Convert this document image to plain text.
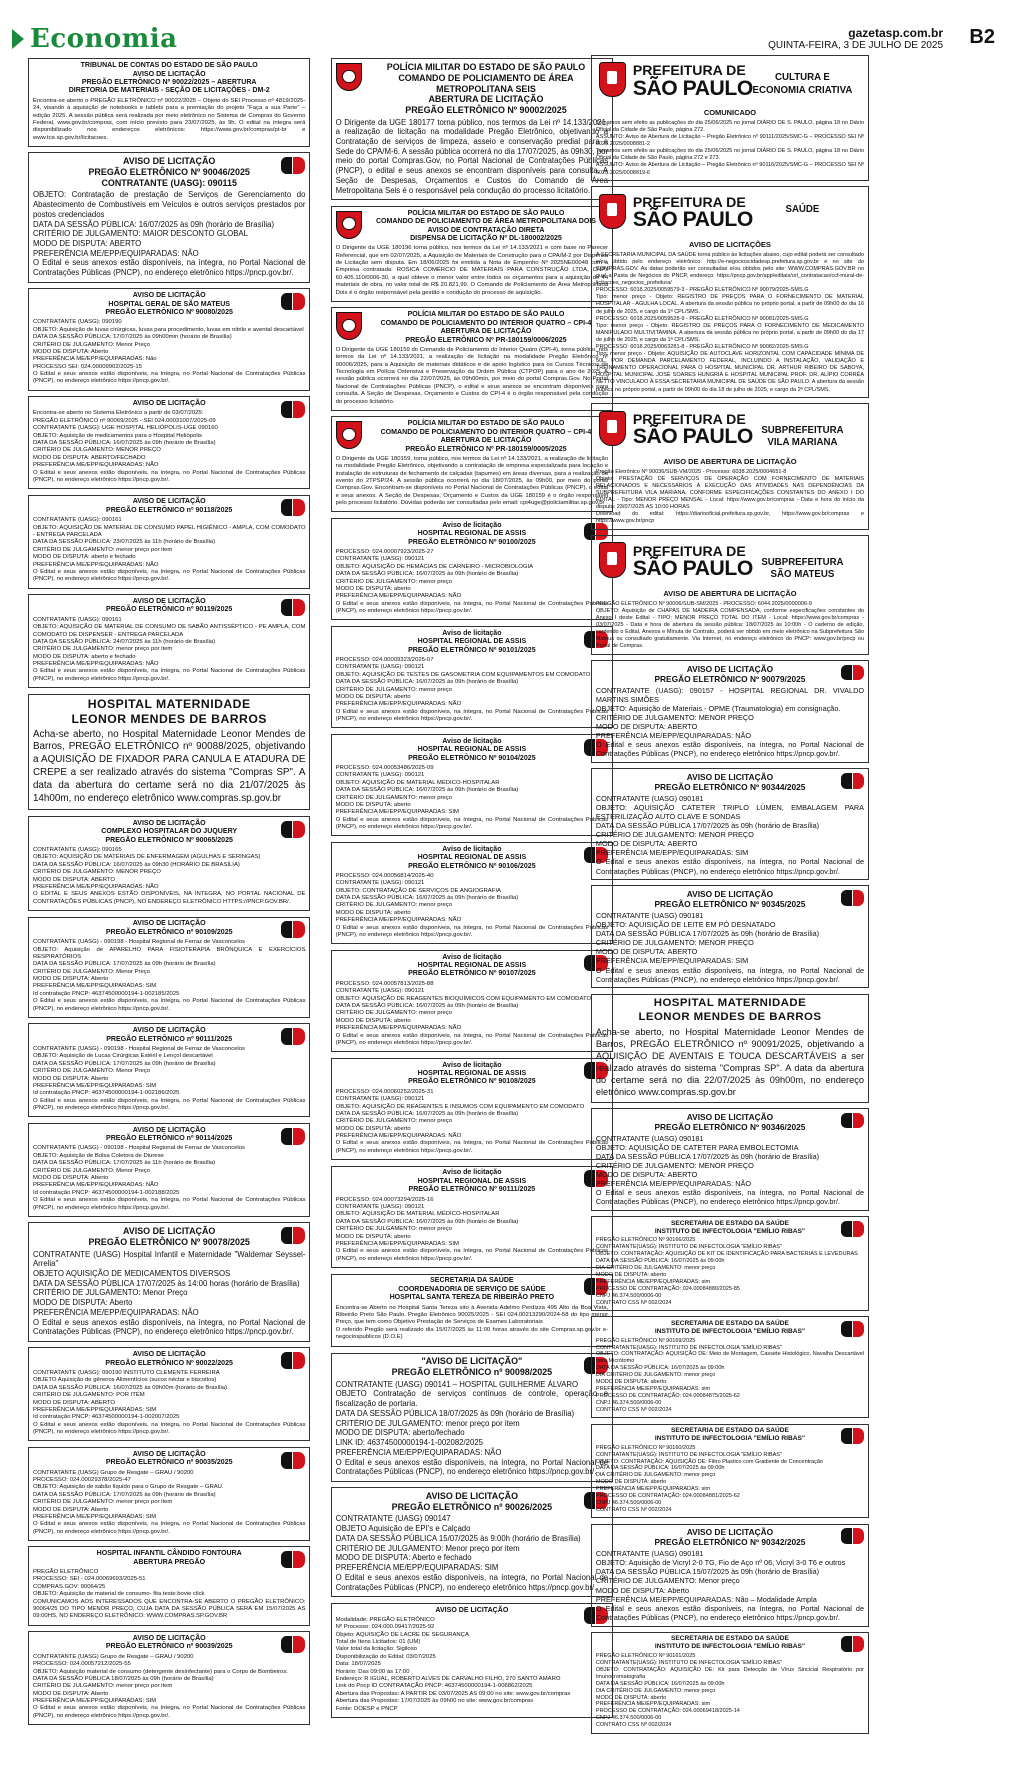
Economia	gazetasp.com.br
QUINTA-FEIRA, 3 DE JULHO DE 2025 B2
TRIBUNAL DE CONTAS DO ESTADO DE SÃO PAULO
AVISO DE LICITAÇÃO
PREGÃO ELETRÔNICO Nº 90022/2025 – ABERTURA
DIRETORIA DE MATERIAIS - SEÇÃO DE LICITAÇÕES - DM-2
Encontra-se aberto o PREGÃO ELETRÔNICO nº 90022/2025 – Objeto do SEI Processo nº 4819/2025-24, visando à aquisição de notebooks e tablets para a premiação do projeto "Faça a sua Parte" – edição 2025. A sessão pública será realizada por meio eletrônico no Sistema de Compras do Governo Federal, www.gov.br/compras, com início previsto para 23/07/2025, às 9h. O edital na íntegra será disponibilizado nos endereços eletrônicos: https://www.gov.br/compras/pt-br e www.tce.sp.gov.br/licitacoes.
AVISO DE LICITAÇÃO
PREGÃO ELETRÔNICO Nº 90046/2025
CONTRATANTE (UASG): 090115
OBJETO: Contratação de prestação de Serviços de Gerenciamento do Abastecimento de Combustíveis em Veículos e outros serviços prestados por postos credenciados
DATA DA SESSÃO PÚBLICA: 16/07/2025 às 09h (horário de Brasília)
CRITÉRIO DE JULGAMENTO: MAIOR DESCONTO GLOBAL
MODO DE DISPUTA: ABERTO
PREFERÊNCIA ME/EPP/EQUIPARADAS: NÃO
O Edital e seus anexos estão disponíveis, na íntegra, no Portal Nacional de Contratações Públicas (PNCP), no endereço eletrônico https://pncp.gov.br/.
AVISO DE LICITAÇÃO
HOSPITAL GERAL DE SÃO MATEUS
PREGÃO ELETRÔNICO Nº 90080/2025
CONTRATANTE (UASG): 090190
OBJETO: Aquisição de luvas cirúrgicas, luvas para procedimento, luvas em nitrilo e avental descartável
DATA DA SESSÃO PÚBLICA: 17/07/2025 às 09h00min (horário de Brasília)
CRITÉRIO DE JULGAMENTO: Menor Preço
MODO DE DISPUTA: Aberto
PREFERÊNCIA ME/EPP/EQUIPARADAS: Não
PROCESSO SEI: 024.00009902/2025-15
O Edital e seus anexos estão disponíveis, na íntegra, no Portal Nacional de Contratações Públicas (PNCP), no endereço eletrônico https://pncp.gov.br/.
AVISO DE LICITAÇÃO
Encontra-se aberto no Sistema Eletrônico a partir de 03/07/2025:
PREGÃO ELETRÔNICO nº 90069/2025 - SEI 024.00031007/2025-09
CONTRATANTE (UASG): UGE HOSPITAL HELIÓPOLIS-UGE 090160
OBJETO: Aquisição de medicamentos para o Hospital Heliópolis
DATA DA SESSÃO PÚBLICA: 16/07/2025 às 09h (horário de Brasília)
CRITÉRIO DE JULGAMENTO: MENOR PREÇO
MODO DE DISPUTA: ABERTO/FECHADO
PREFERÊNCIA ME/EPP/EQUIPARADAS: NÃO
O Edital e seus anexos estão disponíveis, na íntegra, no Portal Nacional de Contratações Públicas (PNCP), no endereço eletrônico https://pncp.gov.br/.
AVISO DE LICITAÇÃO
PREGÃO ELETRÔNICO nº 90118/2025
CONTRATANTE (UASG): 090161
OBJETO: AQUISIÇÃO DE MATERIAL DE CONSUMO PAPEL HIGIÊNICO - AMPLA, COM COMODATO - ENTREGA PARCELADA
DATA DA SESSÃO PÚBLICA: 23/07/2025 às 11h (horário de Brasília)
CRITÉRIO DE JULGAMENTO: menor preço por item
MODO DE DISPUTA: aberto e fechado
PREFERÊNCIA ME/EPP/EQUIPARADAS: NÃO
O Edital e seus anexos estão disponíveis, na íntegra, no Portal Nacional de Contratações Públicas (PNCP), no endereço eletrônico https://pncp.gov.br/.
AVISO DE LICITAÇÃO
PREGÃO ELETRÔNICO nº 90119/2025
CONTRATANTE (UASG): 090161
OBJETO: AQUISIÇÃO DE MATERIAL DE CONSUMO DE SABÃO ANTISSÉPTICO - PE AMPLA, COM COMODATO DE DISPENSER - ENTREGA PARCELADA
DATA DA SESSÃO PÚBLICA: 24/07/2025 às 11h (horário de Brasília)
CRITÉRIO DE JULGAMENTO: menor preço por item
MODO DE DISPUTA: aberto e fechado
PREFERÊNCIA ME/EPP/EQUIPARADAS: NÃO
O Edital e seus anexos estão disponíveis, na íntegra, no Portal Nacional de Contratações Públicas (PNCP), no endereço eletrônico https://pncp.gov.br/.
HOSPITAL MATERNIDADE
LEONOR MENDES DE BARROS
Acha-se aberto, no Hospital Maternidade Leonor Mendes de Barros, PREGÃO ELETRÔNICO nº 90088/2025, objetivando a AQUISIÇÃO DE FIXADOR PARA CANULA E ATADURA DE CREPE a ser realizado através do sistema "Compras SP". A data da abertura do certame será no dia 21/07/2025 às 14h00m, no endereço eletrônico www.compras.sp.gov.br
AVISO DE LICITAÇÃO
COMPLEXO HOSPITALAR DO JUQUERY
PREGÃO ELETRÔNICO Nº 90065/2025
CONTRATANTE (UASG): 090165
OBJETO: AQUISIÇÃO DE MATERIAIS DE ENFERMAGEM (AGULHAS E SERINGAS)
DATA DA SESSÃO PÚBLICA: 16/07/2025 às 09h30 (HORÁRIO DE BRASÍLIA)
CRITÉRIO DE JULGAMENTO: MENOR PREÇO
MODO DE DISPUTA: ABERTO
PREFERÊNCIA ME/EPP/EQUIPARADAS: NÃO
O EDITAL E SEUS ANEXOS ESTÃO DISPONÍVEIS, NA ÍNTEGRA, NO PORTAL NACIONAL DE CONTRATAÇÕES PÚBLICAS (PNCP), NO ENDEREÇO ELETRÔNICO HTTPS://PNCP.GOV.BR/.
AVISO DE LICITAÇÃO
PREGÃO ELETRÔNICO nº 90109/2025
CONTRATANTE (UASG) - 090198 - Hospital Regional de Ferraz de Vasconcelos
OBJETO: Aquisição de APARELHO PARA FISIOTERAPIA BRÔNQUICA E EXERCÍCIOS RESPIRATÓRIOS
DATA DA SESSÃO PÚBLICA: 17/07/2025 às 09h (horário de Brasília)
CRITÉRIO DE JULGAMENTO: Menor Preço
MODO DE DISPUTA: Aberto
PREFERÊNCIA ME/EPP/EQUIPARADAS: SIM
Id contratação PNCP: 46374500000194-1-002185/2025
O Edital e seus anexos estão disponíveis, na íntegra, no Portal Nacional de Contratações Públicas (PNCP), no endereço eletrônico https://pncp.gov.br/.
AVISO DE LICITAÇÃO
PREGÃO ELETRÔNICO nº 90111/2025
CONTRATANTE (UASG) - 090198 - Hospital Regional de Ferraz de Vasconcelos
OBJETO: Aquisição de Lucas Cirúrgicas Estéril e Lençol descartável
DATA DA SESSÃO PÚBLICA: 17/07/2025 às 09h (horário de Brasília)
CRITÉRIO DE JULGAMENTO: Menor Preço
MODO DE DISPUTA: Aberto
PREFERÊNCIA ME/EPP/EQUIPARADAS: SIM
Id contratação PNCP: 46374500000194-1-002186/2025
O Edital e seus anexos estão disponíveis, na íntegra, no Portal Nacional de Contratações Públicas (PNCP), no endereço eletrônico https://pncp.gov.br/.
AVISO DE LICITAÇÃO
PREGÃO ELETRÔNICO nº 90114/2025
CONTRATANTE (UASG) - 090198 - Hospital Regional de Ferraz de Vasconcelos
OBJETO: Aquisição de Bolsa Coletora de Diurese
DATA DA SESSÃO PÚBLICA: 17/07/2025 às 11h (horário de Brasília)
CRITÉRIO DE JULGAMENTO: Menor Preço
MODO DE DISPUTA: Aberto
PREFERÊNCIA ME/EPP/EQUIPARADAS: NÃO
Id contratação PNCP: 46374500000194-1-002188/2025
O Edital e seus anexos estão disponíveis, na íntegra, no Portal Nacional de Contratações Públicas (PNCP), no endereço eletrônico https://pncp.gov.br/.
AVISO DE LICITAÇÃO
PREGÃO ELETRÔNICO Nº 90078/2025
CONTRATANTE (UASG) Hospital Infantil e Maternidade "Waldemar Seyssel-Arrelia"
OBJETO AQUISIÇÃO DE MEDICAMENTOS DIVERSOS
DATA DA SESSÃO PÚBLICA 17/07/2025 às 14:00 horas (horário de Brasília)
CRITÉRIO DE JULGAMENTO: Menor Preço
MODO DE DISPUTA: Aberto
PREFERÊNCIA ME/EPP/EQUIPARADAS: NÃO
O Edital e seus anexos estão disponíveis, na íntegra, no Portal Nacional de Contratações Públicas (PNCP), no endereço eletrônico https://pncp.gov.br/.
AVISO DE LICITAÇÃO
PREGÃO ELETRÔNICO Nº 90022/2025
CONTRATANTE (UASG): 090190 INSTITUTO CLEMENTE FERREIRA
OBJETO Aquisição de gêneros Alimentícios (sucos néctar e biscoitos)
DATA DA SESSÃO PÚBLICA: 16/07/2025 às 09h00m (horário de Brasília)
CRITÉRIO DE JULGAMENTO: POR ITEM
MODO DE DISPUTA: ABERTO
PREFERÊNCIA ME/EPP/EQUIPARADAS: SIM
Id contratação PNCP: 46374500000194-1-002007/2025
O Edital e seus anexos estão disponíveis, na íntegra, no Portal Nacional de Contratações Públicas (PNCP), no endereço eletrônico https://pncp.gov.br/.
AVISO DE LICITAÇÃO
PREGÃO ELETRÔNICO nº 90035/2025
CONTRATANTE (UASG) Grupo de Resgate – GRAU / 90200
PROCESSO: 024.00029378/2025-47
OBJETO: Aquisição de sabão líquido para o Grupo de Resgate – GRAU.
DATA DA SESSÃO PÚBLICA: 17/07/2025 às 09h (horário de Brasília)
CRITÉRIO DE JULGAMENTO: menor preço por item
MODO DE DISPUTA: Aberto
PREFERÊNCIA ME/EPP/EQUIPARADAS: SIM
O Edital e seus anexos estão disponíveis, na íntegra, no Portal Nacional de Contratações Públicas (PNCP), no endereço eletrônico https://pncp.gov.br/.
HOSPITAL INFANTIL CÂNDIDO FONTOURA
ABERTURA PREGÃO
PREGÃO ELETRÔNICO
PROCESSO: SEI - 024.00069693/2025-51
COMPRAS.GOV: 90064/25
OBJETO: Aquisição de material de consumo- fita teste bovie click
COMUNICAMOS AOS INTERESSADOS QUE ENCONTRA-SE ABERTO O PREGÃO ELETRÔNICO: 90064/25 DO TIPO MENOR PREÇO, CUJA DATA DA SESSÃO PÚBLICA SERÁ EM 15/07/2025 AS 09:00HS, NO ENDEREÇO ELETRÔNICO: WWW.COMPRAS.SP.GOV.BR
AVISO DE LICITAÇÃO
PREGÃO ELETRÔNICO nº 90039/2025
CONTRATANTE (UASG) Grupo de Resgate – GRAU / 90200
PROCESSO: 024.00057212/2025-55
OBJETO: Aquisição material de consumo (detergente desinfectante) para o Corpo de Bombeiros.
DATA DA SESSÃO PÚBLICA 18/07/2025 às 09h (horário de Brasília)
CRITÉRIO DE JULGAMENTO: menor preço por item
MODO DE DISPUTA: Aberto
PREFERÊNCIA ME/EPP/EQUIPARADAS: SIM
O Edital e seus anexos estão disponíveis, na íntegra, no Portal Nacional de Contratações Públicas (PNCP), no endereço eletrônico https://pncp.gov.br/.
POLÍCIA MILITAR DO ESTADO DE SÃO PAULO
COMANDO DE POLICIAMENTO DE ÁREA METROPOLITANA SEIS
ABERTURA DE LICITAÇÃO
PREGÃO ELETRÔNICO Nº 90002/2025
O Dirigente da UGE 180177 torna público, nos termos da Lei nº 14.133/2021, a realização de licitação na modalidade Pregão Eletrônico, objetivando a Contratação de serviços de limpeza, asseio e conservação predial para a Sede do CPA/M-6. A sessão pública ocorrerá no dia 17/07/2025, às 09h30, por meio do portal Compras.Gov, no Portal Nacional de Contratações Públicas (PNCP), o edital e seus anexos se encontram disponíveis para consulta. A Seção de Despesas, Orçamentos e Custos do Comando de Área Metropolitana Seis é o responsável pela condução do processo licitatório.
POLÍCIA MILITAR DO ESTADO DE SÃO PAULO
COMANDO DE POLICIAMENTO DE ÁREA METROPOLITANA DOIS
AVISO DE CONTRATAÇÃO DIRETA
DISPENSA DE LICITAÇÃO Nº DL-180002/2025
O Dirigente da UGE 180196 torna público, nos termos da Lei nº 14.133/2021 e com base no Parecer Referencial, que em 02/07/2025, a Aquisição de Materiais de Construção para o CPA/M-2 por Dispensa de Licitação sem disputa. Em 18/06/2025 foi emitida a Nota de Empenho Nº 2025NE00048 com a Empresa contratada: ROSICA COMÉRCIO DE MATERIAIS PARA CONSTRUÇÃO LTDA, CNPJ 60.405.110/0006-30, a qual obteve o menor valor entre todos os orçamentos para a aquisição de 44 materiais de obra, no valor total de R$ 20.821,99. O Comando de Policiamento de Área Metropolitana Dois é o órgão responsável pela gestão e condução do processo de aquisição.
POLÍCIA MILITAR DO ESTADO DE SÃO PAULO
COMANDO DE POLICIAMENTO DO INTERIOR QUATRO – CPI-4
ABERTURA DE LICITAÇÃO
PREGÃO ELETRÔNICO Nº PR-180159/0006/2025
O Dirigente da UGE 180159 do Comando de Policiamento do Interior Quatro (CPI-4), torna público, nos termos da Lei nº 14.133/2021, a realização de licitação na modalidade Pregão Eletrônico nº 90006/2025, para a Aquisição de materiais didáticos e de apoio logístico para os Cursos Técnicos de Tecnologia em Polícia Ostensiva e Preservação da Ordem Pública (CTPOP) para o ano de 2025. A sessão pública ocorrerá no dia 22/07/2025, às 09h00min, por meio do portal Compras.Gov. No Portal Nacional de Contratações Públicas (PNCP), o edital e seus anexos se encontram disponíveis para consulta. A Seção de Despesas, Orçamento e Custos do CPI-4 é o órgão responsável pela condução do processo licitatório.
POLÍCIA MILITAR DO ESTADO DE SÃO PAULO
COMANDO DE POLICIAMENTO DO INTERIOR QUATRO – CPI-4
ABERTURA DE LICITAÇÃO
PREGÃO ELETRÔNICO Nº PR-180159/0005/2025
O Dirigente da UGE 180159, torna público, nos termos da Lei nº 14.133/2021, a realização de licitação na modalidade Pregão Eletrônico, objetivando a contratação de empresa especializada para locação e instalação de estruturas de fechamento de calçadas (tapumes) em áreas diversas, para a realização do evento do 2TPSP/24. A sessão pública ocorrerá no dia 18/07/2025, às 09h00, por meio do portal Compras.Gov. Encontram-se disponíveis no Portal Nacional de Contratações Públicas (PNCP), o edital e seus anexos. A Seção de Despesas, Orçamento e Custos da UGE 180159 é o órgão responsável pelo processo licitatório. Dúvidas poderão ser consultadas pelo email: cpi4uge@policiamilitar.sp.gov.br
Aviso de licitação
HOSPITAL REGIONAL DE ASSIS
PREGÃO ELETRÔNICO Nº 90100/2025
PROCESSO: 024.00007923/2025-27
CONTRATANTE (UASG): 090121
OBJETO: AQUISIÇÃO DE HEMÁCIAS DE CARNEIRO - MICROBIOLOGIA
DATA DA SESSÃO PÚBLICA: 16/07/2025 às 09h (horário de Brasília)
CRITÉRIO DE JULGAMENTO: menor preço
MODO DE DISPUTA: aberto
PREFERÊNCIA ME/EPP/EQUIPARADAS: NÃO
O Edital e seus anexos estão disponíveis, na íntegra, no Portal Nacional de Contratações Públicas (PNCP), no endereço eletrônico https://pncp.gov.br/.
Aviso de licitação
HOSPITAL REGIONAL DE ASSIS
PREGÃO ELETRÔNICO Nº 90101/2025
PROCESSO: 024.00009323/2025-07
CONTRATANTE (UASG): 090121
OBJETO: AQUISIÇÃO DE TESTES DE GASOMETRIA COM EQUIPAMENTOS EM COMODATO
DATA DA SESSÃO PÚBLICA: 16/07/2025 às 09h (horário de Brasília)
CRITÉRIO DE JULGAMENTO: menor preço
MODO DE DISPUTA: aberto
PREFERÊNCIA ME/EPP/EQUIPARADAS: NÃO
O Edital e seus anexos estão disponíveis, na íntegra, no Portal Nacional de Contratações Públicas (PNCP), no endereço eletrônico https://pncp.gov.br/.
Aviso de licitação
HOSPITAL REGIONAL DE ASSIS
PREGÃO ELETRÔNICO Nº 90104/2025
PROCESSO: 024.00053486/2025-09
CONTRATANTE (UASG): 090121
OBJETO: AQUISIÇÃO DE MATERIAL MÉDICO-HOSPITALAR
DATA DA SESSÃO PÚBLICA: 16/07/2025 às 09h (horário de Brasília)
CRITÉRIO DE JULGAMENTO: menor preço
MODO DE DISPUTA: aberto
PREFERÊNCIA ME/EPP/EQUIPARADAS: SIM
O Edital e seus anexos estão disponíveis, na íntegra, no Portal Nacional de Contratações Públicas (PNCP), no endereço eletrônico https://pncp.gov.br/.
Aviso de licitação
HOSPITAL REGIONAL DE ASSIS
PREGÃO ELETRÔNICO Nº 90106/2025
PROCESSO: 024.00056814/2025-40
CONTRATANTE (UASG): 090121
OBJETO: CONTRATAÇÃO DE SERVIÇOS DE ANGIOGRAFIA
DATA DA SESSÃO PÚBLICA: 16/07/2025 às 09h (horário de Brasília)
CRITÉRIO DE JULGAMENTO: menor preço
MODO DE DISPUTA: aberto
PREFERÊNCIA ME/EPP/EQUIPARADAS: NÃO
O Edital e seus anexos estão disponíveis, na íntegra, no Portal Nacional de Contratações Públicas (PNCP), no endereço eletrônico https://pncp.gov.br/.
Aviso de licitação
HOSPITAL REGIONAL DE ASSIS
PREGÃO ELETRÔNICO Nº 90107/2025
PROCESSO: 024.00057813/2025-88
CONTRATANTE (UASG): 090121
OBJETO: AQUISIÇÃO DE REAGENTES BIOQUÍMICOS COM EQUIPAMENTO EM COMODATO
DATA DA SESSÃO PÚBLICA: 16/07/2025 às 09h (horário de Brasília)
CRITÉRIO DE JULGAMENTO: menor preço
MODO DE DISPUTA: aberto
PREFERÊNCIA ME/EPP/EQUIPARADAS: NÃO
O Edital e seus anexos estão disponíveis, na íntegra, no Portal Nacional de Contratações Públicas (PNCP), no endereço eletrônico https://pncp.gov.br/.
Aviso de licitação
HOSPITAL REGIONAL DE ASSIS
PREGÃO ELETRÔNICO Nº 90108/2025
PROCESSO: 024.00060252/2025-31
CONTRATANTE (UASG): 090121
OBJETO: AQUISIÇÃO DE REAGENTES E INSUMOS COM EQUIPAMENTO EM COMODATO
DATA DA SESSÃO PÚBLICA: 16/07/2025 às 09h (horário de Brasília)
CRITÉRIO DE JULGAMENTO: menor preço
MODO DE DISPUTA: aberto
PREFERÊNCIA ME/EPP/EQUIPARADAS: NÃO
O Edital e seus anexos estão disponíveis, na íntegra, no Portal Nacional de Contratações Públicas (PNCP), no endereço eletrônico https://pncp.gov.br/.
Aviso de licitação
HOSPITAL REGIONAL DE ASSIS
PREGÃO ELETRÔNICO Nº 90111/2025
PROCESSO: 024.00073294/2025-16
CONTRATANTE (UASG): 090121
OBJETO: AQUISIÇÃO DE MATERIAL MÉDICO-HOSPITALAR
DATA DA SESSÃO PÚBLICA: 16/07/2025 às 09h (horário de Brasília)
CRITÉRIO DE JULGAMENTO: menor preço
MODO DE DISPUTA: aberto
PREFERÊNCIA ME/EPP/EQUIPARADAS: SIM
O Edital e seus anexos estão disponíveis, na íntegra, no Portal Nacional de Contratações Públicas (PNCP), no endereço eletrônico https://pncp.gov.br/.
SECRETARIA DA SAÚDE
COORDENADORIA DE SERVIÇO DE SAÚDE
HOSPITAL SANTA TEREZA DE RIBEIRÃO PRETO
Encontra-se Aberto no Hospital Santa Tereza sito à Avenida Adelmo Perdizza 495 Alto da Boa Vista, Ribeirão Preto São Paulo. Pregão Eletrônico 90025/2025 - SEI 024.00213290/2024-58 do tipo menor Preço, que tem como Objetivo Prestação de Serviços de Exames Laboratoriais
O referido Pregão será realizado dia 15/07/2025 às 11:00 horas através do site Compras.sp.gov.br e-negociospublicos (D.O.E)
"AVISO DE LICITAÇÃO"
PREGÃO ELETRÔNICO nº 90098/2025
CONTRATANTE (UASG) 090141 – HOSPITAL GUILHERME ÁLVARO
OBJETO Contratação de serviços contínuos de controle, operação e fiscalização de portaria.
DATA DA SESSÃO PÚBLICA 18/07/2025 às 09h (horário de Brasília)
CRITÉRIO DE JULGAMENTO: menor preço por item
MODO DE DISPUTA: aberto/fechado
LINK ID: 46374500000194-1-002082/2025
PREFERÊNCIA ME/EPP/EQUIPARADAS: NÃO
O Edital e seus anexos estão disponíveis, na íntegra, no Portal Nacional de Contratações Públicas (PNCP), no endereço eletrônico https://pncp.gov.br/.
AVISO DE LICITAÇÃO
PREGÃO ELETRÔNICO nº 90026/2025
CONTRATANTE (UASG) 090147
OBJETO Aquisição de EPI's e Calçado
DATA DA SESSÃO PÚBLICA 15/07/2025 às 9:00h (horário de Brasília)
CRITÉRIO DE JULGAMENTO: Menor preço por item
MODO DE DISPUTA: Aberto e fechado
PREFERÊNCIA ME/EPP/EQUIPARADAS: SIM
O Edital e seus anexos estão disponíveis, na íntegra, no Portal Nacional de Contratações Públicas (PNCP), no endereço eletrônico https://pncp.gov.br/.
AVISO DE LICITAÇÃO
Modalidade: PREGÃO ELETRÔNICO
Nº Processo: 024.000.09417/2025-92
Objeto: AQUISIÇÃO DE LACRE DE SEGURANÇA
Total de Itens Licitados: 01 (UM)
Valor total da licitação: Sigiloso
Disponibilização do Edital: 03/07/2025
Data: 18/07/2025
Horário: Das 09:00 às 17:00
Endereço: R IGUAL, ROBERTO ALVES DE CARVALHO FILHO, 270 SANTO AMARO
Link do Pncp ID CONTRATAÇÃO PNCP: 46374500000194-1-006862/2025
Abertura das Propostas: A PARTIR DE 03/07/2025 AS 09:00 no site: www.gov.br/compras
Abertura das Propostas: 17/07/2025 às 09h00 no site: www.gov.br/compras
Fonte: DOESP e PNCP
PREFEITURA DE
SÃO PAULO	CULTURA E
ECONOMIA CRIATIVA
COMUNICADO
Tornamos sem efeito as publicações do dia 25/06/2025 no jornal DIÁRIO DE S. PAULO, página 18 no Diário Oficial da Cidade de São Paulo, página 272.
ASSUNTO: Aviso de Abertura de Licitação – Pregão Eletrônico nº 90111/2025/SMC-G – PROCESSO SEI Nº 6025.2025/0008881-2
Tornamos sem efeito as publicações do dia 25/06/2025 no jornal DIÁRIO DE S. PAULO, página 18 no Diário Oficial da Cidade de São Paulo, página 272 e 273.
ASSUNTO: Aviso de Abertura de Licitação – Pregão Eletrônico nº 90116/2025/SMC-G – PROCESSO SEI Nº 6025.2025/0008819-6
PREFEITURA DE
SÃO PAULO	SAÚDE
AVISO DE LICITAÇÕES
A SECRETARIA MUNICIPAL DA SAÚDE torna público às licitações abaixo, cujo edital poderá ser consultado e/ou obtido pelo endereço eletrônico: http://e-negocioscidadesp.prefeitura.sp.gov.br e no site do COMPRAS.GOV. As datas poderão ser consultadas e/ou obtidos pelo site: WWW.COMPRAS.GOV.BR no qual a Pasta de Negócios do PNCP, endereço: https://pncp.gov.br/app/editais/url_contratacao/ccf-mural-de-licitacoes_negocios_prefeitura/
PROCESSO: 6018.2025/0059579-3 - PREGÃO ELETRÔNICO Nº 90079/2025-SMS.G
Tipo: menor preço - Objeto: REGISTRO DE PREÇOS PARA O FORNECIMENTO DE MATERIAL HOSPITALAR - AGULHA LOCAL. A abertura da sessão pública no próprio portal, a partir de 09h00 do dia 16 de julho de 2025, e cargo da 1ª CPL/SMS.
PROCESSO: 6018.2025/0059528-9 - PREGÃO ELETRÔNICO Nº 90081/2025-SMS.G
Tipo: menor preço - Objeto: REGISTRO DE PREÇOS PARA O FORNECIMENTO DE MEDICAMENTO MANIPULADO MULTIVITAMINA. A abertura da sessão pública no próprio portal, a partir de 09h00 do dia 17 de julho de 2025, e cargo da 1ª CPL/SMS.
PROCESSO: 6018.2025/0063281-8 - PREGÃO ELETRÔNICO Nº 90082/2025-SMS.G
Tipo: menor preço - Objeto: AQUISIÇÃO DE AUTOCLAVE HORIZONTAL COM CAPACIDADE MÍNIMA DE 50L, POR DEMANDA PARCELAMENTO FEDERAL, INCLUINDO A INSTALAÇÃO, VALIDAÇÃO E TREINAMENTO OPERACIONAL PARA O HOSPITAL MUNICIPAL DR. ARTHUR RIBEIRO DE SABOYA, HOSPITAL MUNICIPAL JOSÉ SOARES HUNGRIA E HOSPITAL MUNICIPAL PROF. DR. ALÍPIO CORRÊA NETTO VINCULADO À ESSA SECRETARIA MUNICIPAL DE SAÚDE DE SÃO PAULO. A abertura da sessão pública no próprio portal, a partir de 09h00 do dia 18 de julho de 2025, e cargo da 2ª CPL/SMS.
PREFEITURA DE
SÃO PAULO SUBPREFEITURA
VILA MARIANA
AVISO DE ABERTURA DE LICITAÇÃO
Pregão Eletrônico Nº 90036/SUB-VM/2025 - Processo: 6038.2025/0004651-8
Objeto: PRESTAÇÃO DE SERVIÇOS DE OPERAÇÃO COM FORNECIMENTO DE MATERIAIS RELACIONADOS E NECESSÁRIOS À EXECUÇÃO DAS ATIVIDADES NAS DEPENDÊNCIAS DA SUBPREFEITURA VILA MARIANA, CONFORME ESPECIFICAÇÕES CONSTANTES DO ANEXO I DO EDITAL - Tipo: MENOR PREÇO MENSAL - Local: https://www.gov.br/compras - Data e hora do início da disputa: 23/07/2025 AS 10:00 HORAS
Download do edital: https://diariooficial.prefeitura.sp.gov.br, https://www.gov.br/compras e https://www.gov.br/pncp
PREFEITURA DE
SÃO PAULO SUBPREFEITURA
SÃO MATEUS
AVISO DE ABERTURA DE LICITAÇÃO
PREGÃO ELETRÔNICO Nº 90006/SUB-SM/2025 - PROCESSO: 6044.2025/0000006-9
OBJETO: Aquisição de CHAPAS DE MADEIRA COMPENSADA, conforme especificações constantes do Anexo I deste Edital - TIPO: MENOR PREÇO TOTAL DO ITEM - Local: https://www.gov.br/compras - 03/07/2025 - Data e hora de abertura da sessão pública: 18/07/2025 às 10:00h - O caderno de edição, contendo o Edital, Anexos e Minuta de Contrato, poderá ser obtido em meio eletrônico na Subprefeitura São Mateus ou consultado gratuitamente. Via Internet, no endereço eletrônico do PNCP: www.gov.br/pncp ou Portal de Compras.
AVISO DE LICITAÇÃO
PREGÃO ELETRÔNICO Nº 90079/2025
CONTRATANTE (UASG): 090157 - HOSPITAL REGIONAL DR. VIVALDO MARTINS SIMÕES
OBJETO: Aquisição de Materiais - OPME (Traumatologia) em consignação.
CRITÉRIO DE JULGAMENTO: MENOR PREÇO
MODO DE DISPUTA: ABERTO
PREFERÊNCIA ME/EPP/EQUIPARADAS: NÃO
O Edital e seus anexos estão disponíveis, na íntegra, no Portal Nacional de Contratações Públicas (PNCP), no endereço eletrônico https://pncp.gov.br/.
AVISO DE LICITAÇÃO
PREGÃO ELETRÔNICO Nº 90344/2025
CONTRATANTE (UASG) 090181
OBJETO: AQUISIÇÃO CATETER TRIPLO LÚMEN, EMBALAGEM PARA ESTERILIZAÇÃO AUTO CLAVE E SONDAS
DATA DA SESSÃO PÚBLICA 17/07/2025 às 09h (horário de Brasília)
CRITÉRIO DE JULGAMENTO: MENOR PREÇO
MODO DE DISPUTA: ABERTO
PREFERÊNCIA ME/EPP/EQUIPARADAS: SIM
O Edital e seus anexos estão disponíveis, na íntegra, no Portal Nacional de Contratações Públicas (PNCP), no endereço eletrônico https://pncp.gov.br/.
AVISO DE LICITAÇÃO
PREGÃO ELETRÔNICO Nº 90345/2025
CONTRATANTE (UASG) 090181
OBJETO: AQUISIÇÃO DE LEITE EM PÓ DESNATADO
DATA DA SESSÃO PÚBLICA 17/07/2025 às 09h (horário de Brasília)
CRITÉRIO DE JULGAMENTO: MENOR PREÇO
MODO DE DISPUTA: ABERTO
PREFERÊNCIA ME/EPP/EQUIPARADAS: SIM
O Edital e seus anexos estão disponíveis, na íntegra, no Portal Nacional de Contratações Públicas (PNCP), no endereço eletrônico https://pncp.gov.br/.
HOSPITAL MATERNIDADE
LEONOR MENDES DE BARROS
Acha-se aberto, no Hospital Maternidade Leonor Mendes de Barros, PREGÃO ELETRÔNICO nº 90091/2025, objetivando a AQUISIÇÃO DE AVENTAIS E TOUCA DESCARTÁVEIS a ser realizado através do sistema "Compras SP". A data da abertura do certame será no dia 22/07/2025 às 09h00m, no endereço eletrônico www.compras.sp.gov.br
AVISO DE LICITAÇÃO
PREGÃO ELETRÔNICO Nº 90346/2025
CONTRATANTE (UASG) 090181
OBJETO: AQUISIÇÃO DE CATETER PARA EMBOLECTOMIA
DATA DA SESSÃO PÚBLICA 17/07/2025 às 09h (horário de Brasília)
CRITÉRIO DE JULGAMENTO: MENOR PREÇO
MODO DE DISPUTA: ABERTO
PREFERÊNCIA ME/EPP/EQUIPARADAS: NÃO
O Edital e seus anexos estão disponíveis, na íntegra, no Portal Nacional de Contratações Públicas (PNCP), no endereço eletrônico https://pncp.gov.br/.
SECRETARIA DE ESTADO DA SAÚDE
INSTITUTO DE INFECTOLOGIA "EMÍLIO RIBAS"
PREGÃO ELETRÔNICO Nº 90166/2025
CONTRATANTE(UASG): INSTITUTO DE INFECTOLOGIA "EMÍLIO RIBAS"
OBJETO: CONTRATAÇÃO: AQUISIÇÃO DE KIT DE IDENTIFICAÇÃO PARA BACTÉRIAS E LEVEDURAS
DATA DA SESSÃO PÚBLICA: 16/07/2025 às 09:00h
DIA CRITÉRIO DE JULGAMENTO: menor preço
MODO DE DISPUTA: aberto
PREFERÊNCIA ME/EPP/EQUIPARADAS: sim
PROCESSO DE CONTRATAÇÃO: 024.00084880/2025-85
CNPJ 46.374.500/0006-00
CONTRATO CSS Nº 002/2024
SECRETARIA DE ESTADO DA SAÚDE
INSTITUTO DE INFECTOLOGIA "EMÍLIO RIBAS"
PREGÃO ELETRÔNICO Nº 90169/2025
CONTRATANTE(UASG): INSTITUTO DE INFECTOLOGIA "EMÍLIO RIBAS"
OBJETO: CONTRATAÇÃO: AQUISIÇÃO DE: Meio de Montagem, Cassete Histológico, Navalha Descartável para Micrótomo
DATA DA SESSÃO PÚBLICA: 16/07/2025 às 09:00h
DIA CRITÉRIO DE JULGAMENTO: menor preço
MODO DE DISPUTA: aberto
PREFERÊNCIA ME/EPP/EQUIPARADAS: sim
PROCESSO DE CONTRATAÇÃO: 024.00084875/2025-62
CNPJ 46.374.500/0006-00
CONTRATO CSS Nº 002/2024
SECRETARIA DE ESTADO DA SAÚDE
INSTITUTO DE INFECTOLOGIA "EMÍLIO RIBAS"
PREGÃO ELETRÔNICO Nº 90160/2025
CONTRATANTE(UASG): INSTITUTO DE INFECTOLOGIA "EMÍLIO RIBAS"
OBJETO: CONTRATAÇÃO: AQUISIÇÃO DE: Filtro Plastico com Gradiente de Concentração
DATA DA SESSÃO PÚBLICA: 16/07/2025 às 09:00h
DIA CRITÉRIO DE JULGAMENTO: menor preço
MODO DE DISPUTA: aberto
PREFERÊNCIA ME/EPP/EQUIPARADAS: sim
PROCESSO DE CONTRATAÇÃO: 024.00084881/2025-62
CNPJ 46.374.500/0006-00
CONTRATO CSS Nº 002/2024
AVISO DE LICITAÇÃO
PREGÃO ELETRÔNICO Nº 90342/2025
CONTRATANTE (UASG) 090181
OBJETO: Aquisição de Vicryl 2-0 TG, Fio de Aço nº 06, Vicryl 3-0 T6 e outros
DATA DA SESSÃO PÚBLICA 15/07/2025 às 09h (horário de Brasília)
CRITÉRIO DE JULGAMENTO: Menor preço
MODO DE DISPUTA: Aberto
PREFERÊNCIA ME/EPP/EQUIPARADAS: Não – Modalidade Ampla
O Edital e seus anexos estão disponíveis, na íntegra, no Portal Nacional de Contratações Públicas (PNCP), no endereço eletrônico https://pncp.gov.br/.
SECRETARIA DE ESTADO DA SAÚDE
INSTITUTO DE INFECTOLOGIA "EMÍLIO RIBAS"
PREGÃO ELETRÔNICO Nº 90161/2025
CONTRATANTE(UASG): INSTITUTO DE INFECTOLOGIA "EMÍLIO RIBAS"
OBJETO: CONTRATAÇÃO: AQUISIÇÃO DE: Kit para Detecção de Vírus Sincicial Respiratório por Imunocromatografia
DATA DA SESSÃO PÚBLICA: 16/07/2025 às 09:00h
DIA CRITÉRIO DE JULGAMENTO: menor preço
MODO DE DISPUTA: aberto
PREFERÊNCIA ME/EPP/EQUIPARADAS: sim
PROCESSO DE CONTRATAÇÃO: 024.00069418/2025-14
CNPJ 46.374.500/0006-00
CONTRATO CSS Nº 002/2024
